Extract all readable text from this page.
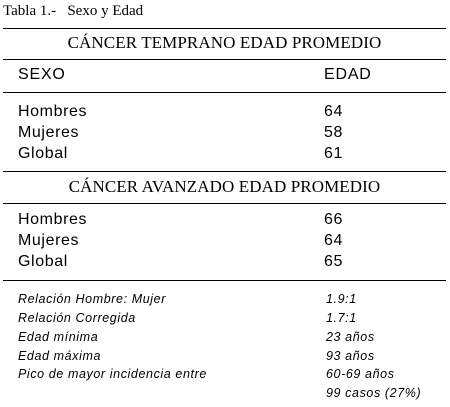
Tabla 1.-   Sexo y Edad
CÁNCER TEMPRANO EDAD PROMEDIO
SEXO	EDAD
Hombres	64
Mujeres	58
Global	61
CÁNCER AVANZADO EDAD PROMEDIO
Hombres	66
Mujeres	64
Global	65
Relación Hombre: Mujer	1.9:1
Relación Corregida	1.7:1
Edad mínima	23 años
Edad máxima	93 años
Pico de mayor incidencia entre	60-69 años
99 casos (27%)
